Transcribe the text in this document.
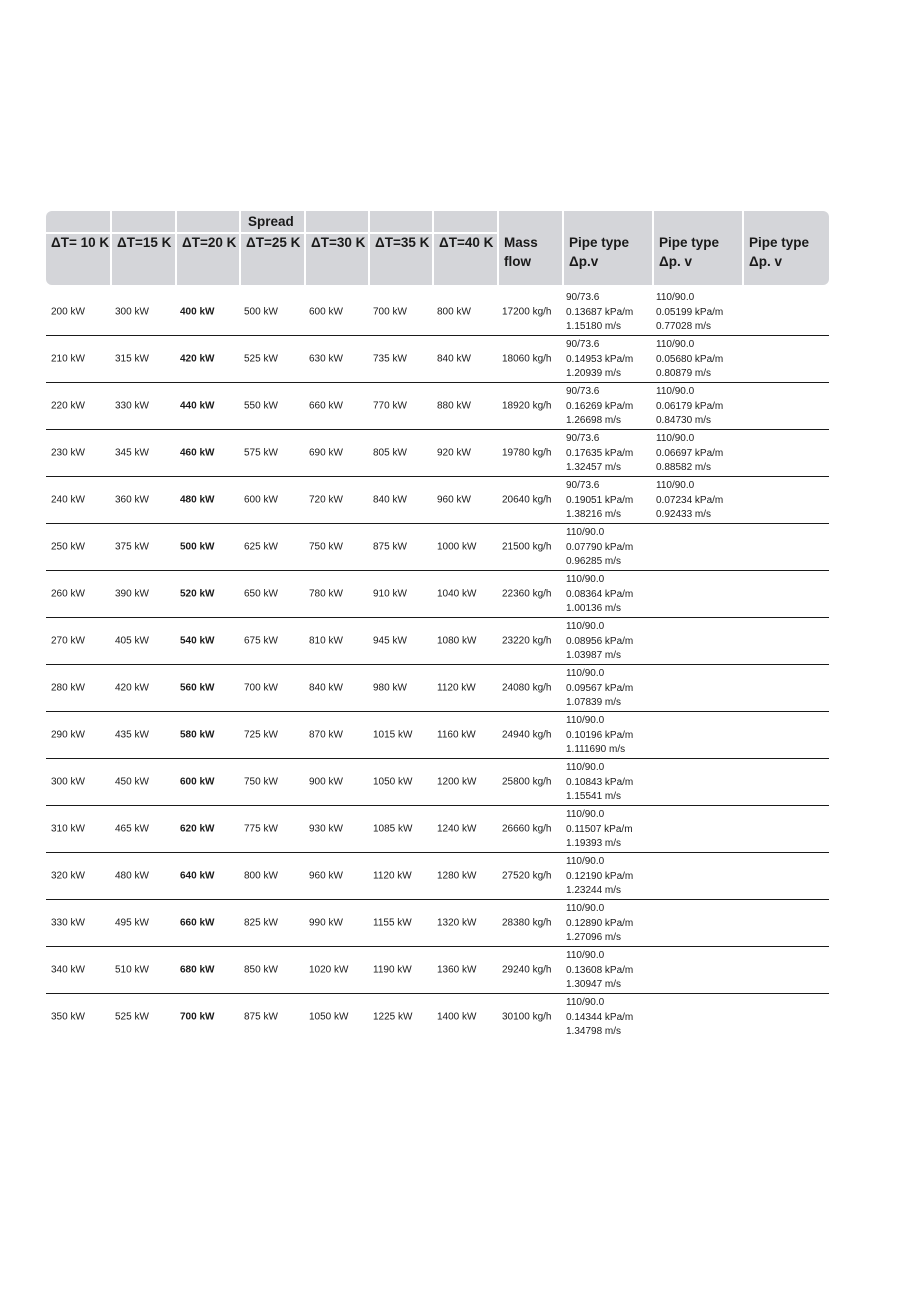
Spread
ΔT= 10 K ΔT=15 K ΔT=20 K ΔT=25 K ΔT=30 K ΔT=35 K ΔT=40 K Mass
flow
Pipe type
Δp.v
Pipe type
Δp. v
Pipe type
Δp. v
200 kW	300 kW	400 kW	500 kW	600 kW	700 kW	800 kW	17200 kg/h
90/73.6
0.13687 kPa/m
1.15180 m/s
110/90.0
0.05199 kPa/m
0.77028 m/s
210 kW	315 kW	420 kW	525 kW	630 kW	735 kW	840 kW	18060 kg/h
90/73.6
0.14953 kPa/m
1.20939 m/s
110/90.0
0.05680 kPa/m
0.80879 m/s
220 kW	330 kW	440 kW	550 kW	660 kW	770 kW	880 kW	18920 kg/h
90/73.6
0.16269 kPa/m
1.26698 m/s
110/90.0
0.06179 kPa/m
0.84730 m/s
230 kW	345 kW	460 kW	575 kW	690 kW	805 kW	920 kW	19780 kg/h
90/73.6
0.17635 kPa/m
1.32457 m/s
110/90.0
0.06697 kPa/m
0.88582 m/s
240 kW	360 kW	480 kW	600 kW	720 kW	840 kW	960 kW	20640 kg/h
90/73.6
0.19051 kPa/m
1.38216 m/s
110/90.0
0.07234 kPa/m
0.92433 m/s
250 kW	375 kW	500 kW	625 kW	750 kW	875 kW	1000 kW	21500 kg/h
110/90.0
0.07790 kPa/m
0.96285 m/s
260 kW	390 kW	520 kW	650 kW	780 kW	910 kW	1040 kW	22360 kg/h
110/90.0
0.08364 kPa/m
1.00136 m/s
270 kW	405 kW	540 kW	675 kW	810 kW	945 kW	1080 kW	23220 kg/h
110/90.0
0.08956 kPa/m
1.03987 m/s
280 kW	420 kW	560 kW	700 kW	840 kW	980 kW	1120 kW	24080 kg/h
110/90.0
0.09567 kPa/m
1.07839 m/s
290 kW	435 kW	580 kW	725 kW	870 kW	1015 kW 1160 kW	24940 kg/h
110/90.0
0.10196 kPa/m
1.111690 m/s
300 kW	450 kW	600 kW	750 kW	900 kW	1050 kW 1200 kW	25800 kg/h
110/90.0
0.10843 kPa/m
1.15541 m/s
310 kW	465 kW	620 kW	775 kW	930 kW	1085 kW 1240 kW	26660 kg/h
110/90.0
0.11507 kPa/m
1.19393 m/s
320 kW	480 kW	640 kW	800 kW	960 kW	1120 kW	1280 kW	27520 kg/h
110/90.0
0.12190 kPa/m
1.23244 m/s
330 kW	495 kW	660 kW	825 kW	990 kW	1155 kW	1320 kW	28380 kg/h
110/90.0
0.12890 kPa/m
1.27096 m/s
340 kW	510 kW	680 kW	850 kW	1020 kW 1190 kW	1360 kW	29240 kg/h
110/90.0
0.13608 kPa/m
1.30947 m/s
350 kW	525 kW	700 kW	875 kW	1050 kW 1225 kW 1400 kW	30100 kg/h
110/90.0
0.14344 kPa/m
1.34798 m/s
